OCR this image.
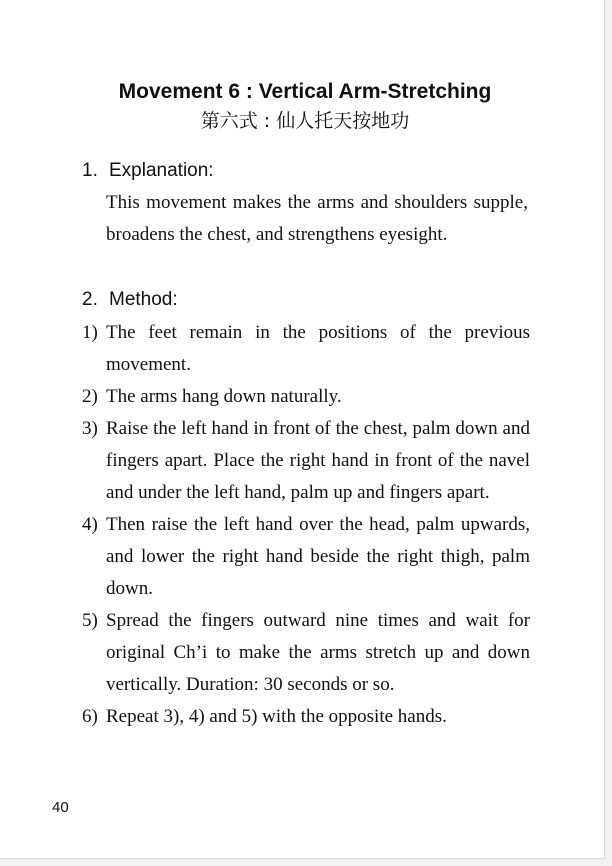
Movement 6 : Vertical Arm-Stretching
第六式 : 仙人托天按地功
1. Explanation:
This movement makes the arms and shoulders supple, broadens the chest, and strengthens eyesight.
2. Method:
1) The feet remain in the positions of the previous movement.
2) The arms hang down naturally.
3) Raise the left hand in front of the chest, palm down and fingers apart. Place the right hand in front of the navel and under the left hand, palm up and fingers apart.
4) Then raise the left hand over the head, palm upwards, and lower the right hand beside the right thigh, palm down.
5) Spread the fingers outward nine times and wait for original Ch’i to make the arms stretch up and down vertically. Duration: 30 seconds or so.
6) Repeat 3), 4) and 5) with the opposite hands.
40
